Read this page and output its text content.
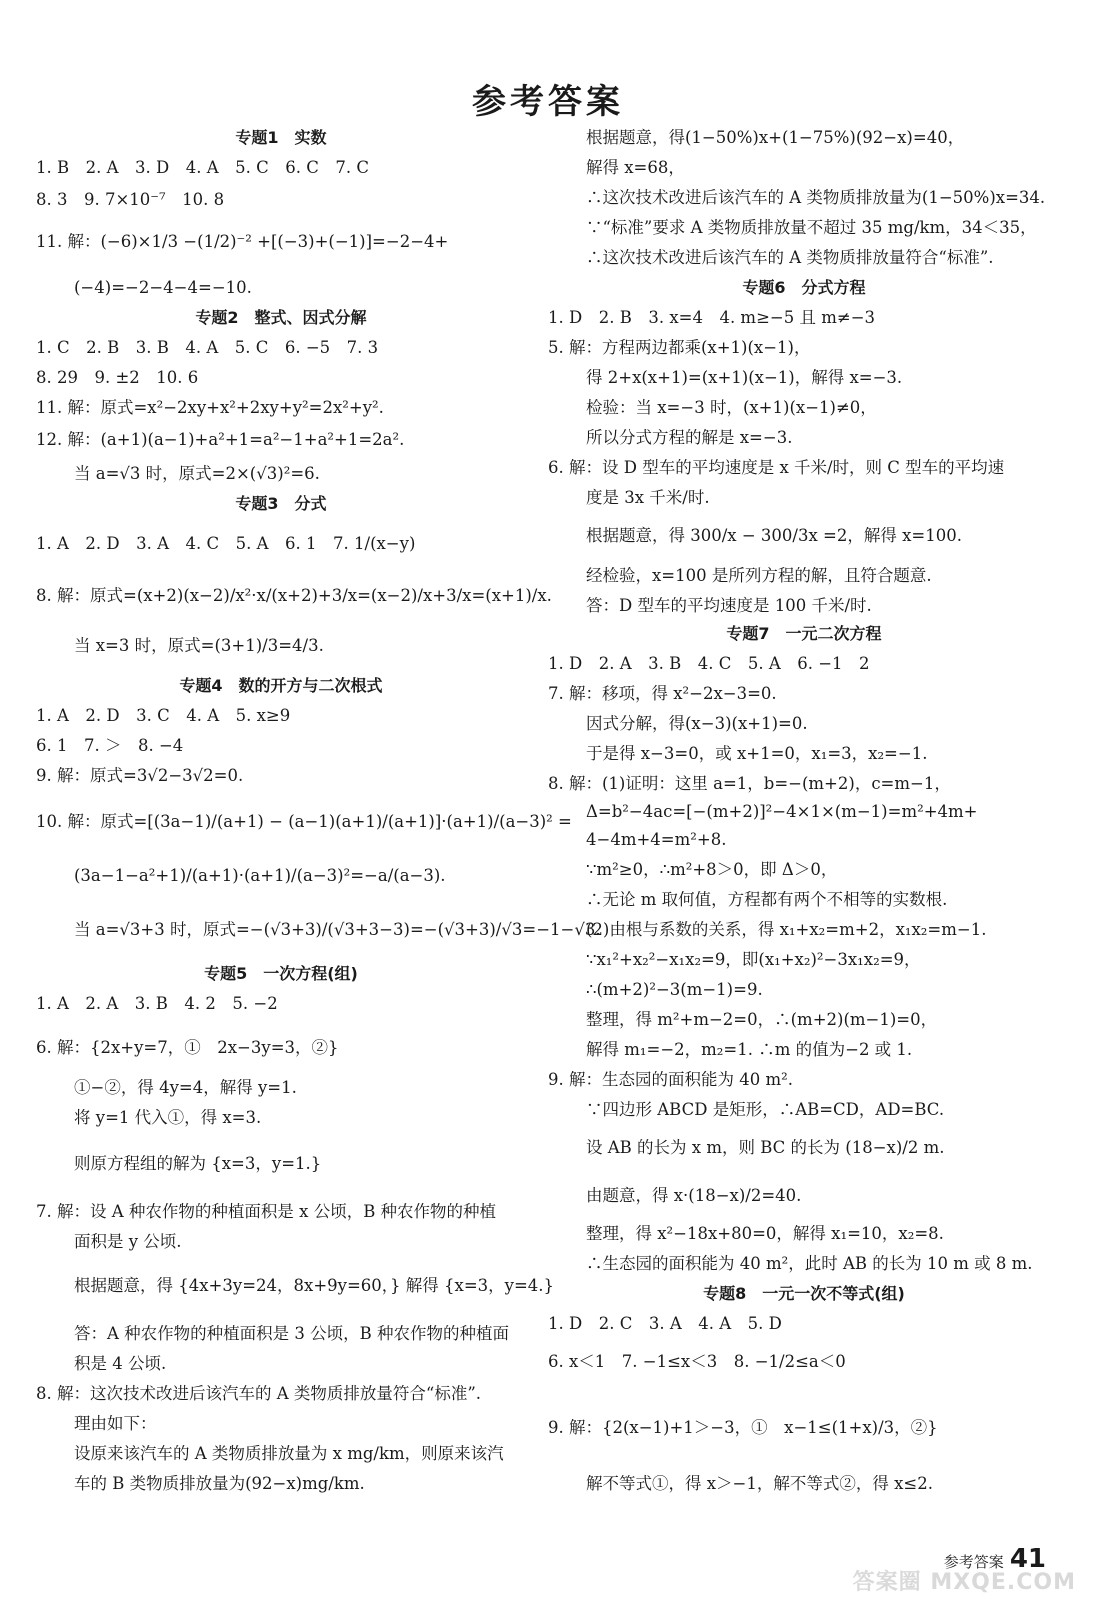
参考答案
专题1　实数
1. B　2. A　3. D　4. A　5. C　6. C　7. C
8. 3　9. 7×10⁻⁷　10. 8
11. 解：(−6)×1/3 −(1/2)⁻² +[(−3)+(−1)]=−2−4+
(−4)=−2−4−4=−10.
专题2　整式、因式分解
1. C　2. B　3. B　4. A　5. C　6. −5　7. 3
8. 29　9. ±2　10. 6
11. 解：原式=x²−2xy+x²+2xy+y²=2x²+y².
12. 解：(a+1)(a−1)+a²+1=a²−1+a²+1=2a².
当 a=√3 时，原式=2×(√3)²=6.
专题3　分式
1. A　2. D　3. A　4. C　5. A　6. 1　7. 1/(x−y)
8. 解：原式=(x+2)(x−2)/x²·x/(x+2)+3/x=(x−2)/x+3/x=(x+1)/x.
当 x=3 时，原式=(3+1)/3=4/3.
专题4　数的开方与二次根式
1. A　2. D　3. C　4. A　5. x≥9
6. 1　7. ＞　8. −4
9. 解：原式=3√2−3√2=0.
10. 解：原式=[(3a−1)/(a+1) − (a−1)(a+1)/(a+1)]·(a+1)/(a−3)² =
(3a−1−a²+1)/(a+1)·(a+1)/(a−3)²=−a/(a−3).
当 a=√3+3 时，原式=−(√3+3)/(√3+3−3)=−(√3+3)/√3=−1−√3.
专题5　一次方程(组)
1. A　2. A　3. B　4. 2　5. −2
6. 解：{2x+y=7，①　2x−3y=3，②}
①−②，得 4y=4，解得 y=1.
将 y=1 代入①，得 x=3.
则原方程组的解为 {x=3，y=1.}
7. 解：设 A 种农作物的种植面积是 x 公顷，B 种农作物的种植
面积是 y 公顷.
根据题意，得 {4x+3y=24，8x+9y=60，} 解得 {x=3，y=4.}
答：A 种农作物的种植面积是 3 公顷，B 种农作物的种植面
积是 4 公顷.
8. 解：这次技术改进后该汽车的 A 类物质排放量符合“标准”.
理由如下：
设原来该汽车的 A 类物质排放量为 x mg/km，则原来该汽
车的 B 类物质排放量为(92−x)mg/km.
根据题意，得(1−50%)x+(1−75%)(92−x)=40，
解得 x=68，
∴这次技术改进后该汽车的 A 类物质排放量为(1−50%)x=34.
∵“标准”要求 A 类物质排放量不超过 35 mg/km，34＜35，
∴这次技术改进后该汽车的 A 类物质排放量符合“标准”.
专题6　分式方程
1. D　2. B　3. x=4　4. m≥−5 且 m≠−3
5. 解：方程两边都乘(x+1)(x−1)，
得 2+x(x+1)=(x+1)(x−1)，解得 x=−3.
检验：当 x=−3 时，(x+1)(x−1)≠0，
所以分式方程的解是 x=−3.
6. 解：设 D 型车的平均速度是 x 千米/时，则 C 型车的平均速
度是 3x 千米/时.
根据题意，得 300/x − 300/3x =2，解得 x=100.
经检验，x=100 是所列方程的解，且符合题意.
答：D 型车的平均速度是 100 千米/时.
专题7　一元二次方程
1. D　2. A　3. B　4. C　5. A　6. −1　2
7. 解：移项，得 x²−2x−3=0.
因式分解，得(x−3)(x+1)=0.
于是得 x−3=0，或 x+1=0，x₁=3，x₂=−1.
8. 解：(1)证明：这里 a=1，b=−(m+2)，c=m−1，
Δ=b²−4ac=[−(m+2)]²−4×1×(m−1)=m²+4m+
4−4m+4=m²+8.
∵m²≥0，∴m²+8＞0，即 Δ＞0，
∴无论 m 取何值，方程都有两个不相等的实数根.
(2)由根与系数的关系，得 x₁+x₂=m+2，x₁x₂=m−1.
∵x₁²+x₂²−x₁x₂=9，即(x₁+x₂)²−3x₁x₂=9，
∴(m+2)²−3(m−1)=9.
整理，得 m²+m−2=0，∴(m+2)(m−1)=0，
解得 m₁=−2，m₂=1. ∴m 的值为−2 或 1.
9. 解：生态园的面积能为 40 m².
∵四边形 ABCD 是矩形，∴AB=CD，AD=BC.
设 AB 的长为 x m，则 BC 的长为 (18−x)/2 m.
由题意，得 x·(18−x)/2=40.
整理，得 x²−18x+80=0，解得 x₁=10，x₂=8.
∴生态园的面积能为 40 m²，此时 AB 的长为 10 m 或 8 m.
专题8　一元一次不等式(组)
1. D　2. C　3. A　4. A　5. D
6. x＜1　7. −1≤x＜3　8. −1/2≤a＜0
9. 解：{2(x−1)+1＞−3，①　x−1≤(1+x)/3，②}
解不等式①，得 x＞−1，解不等式②，得 x≤2.
参考答案 41
答案圈 MXQE.COM
